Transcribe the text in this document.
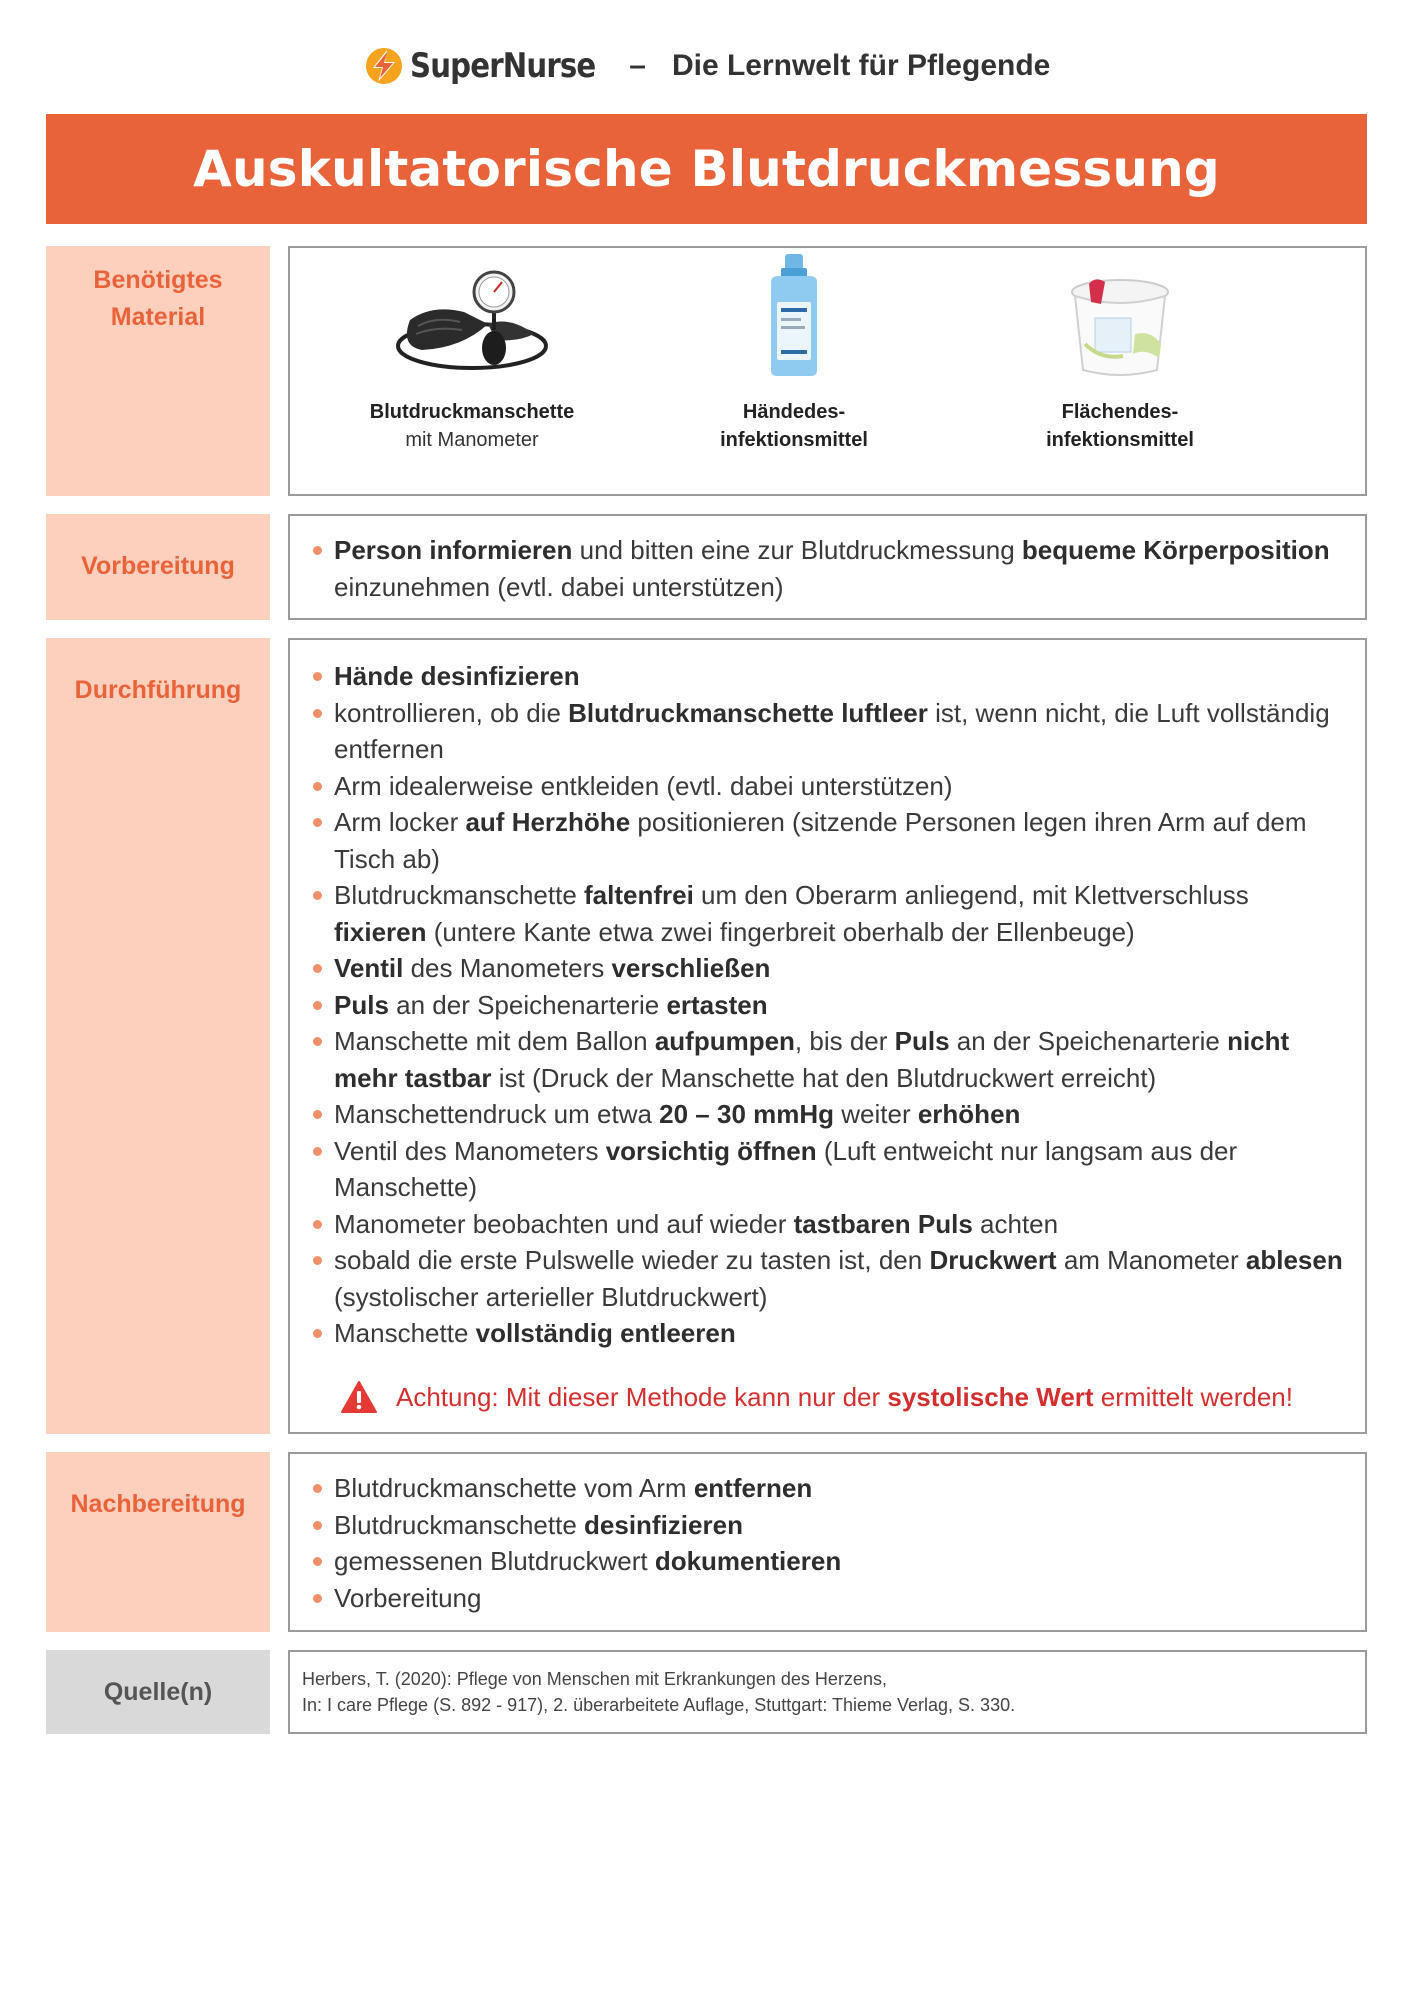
SuperNurse – Die Lernwelt für Pflegende
Auskultatorische Blutdruckmessung
Benötigtes Material
Blutdruckmanschette
mit Manometer
Händedes-
infektionsmittel
Flächendes-
infektionsmittel
Vorbereitung
Person informieren und bitten eine zur Blutdruckmessung bequeme Körperposition einzunehmen (evtl. dabei unterstützen)
Durchführung	Hände desinfizieren
kontrollieren, ob die Blutdruckmanschette luftleer ist, wenn nicht, die Luft vollständig entfernen
Arm idealerweise entkleiden (evtl. dabei unterstützen)
Arm locker auf Herzhöhe positionieren (sitzende Personen legen ihren Arm auf dem Tisch ab)
Blutdruckmanschette faltenfrei um den Oberarm anliegend, mit Klettverschluss fixieren (untere Kante etwa zwei fingerbreit oberhalb der Ellenbeuge)
Ventil des Manometers verschließen
Puls an der Speichenarterie ertasten
Manschette mit dem Ballon aufpumpen, bis der Puls an der Speichenarterie nicht mehr tastbar ist (Druck der Manschette hat den Blutdruckwert erreicht)
Manschettendruck um etwa 20 – 30 mmHg weiter erhöhen
Ventil des Manometers vorsichtig öffnen (Luft entweicht nur langsam aus der Manschette)
Manometer beobachten und auf wieder tastbaren Puls achten
sobald die erste Pulswelle wieder zu tasten ist, den Druckwert am Manometer ablesen (systolischer arterieller Blutdruckwert)
Manschette vollständig entleeren
Achtung: Mit dieser Methode kann nur der systolische Wert ermittelt werden!
Nachbereitung
Blutdruckmanschette vom Arm entfernen
Blutdruckmanschette desinfizieren
gemessenen Blutdruckwert dokumentieren
Vorbereitung
Quelle(n)	Herbers, T. (2020): Pflege von Menschen mit Erkrankungen des Herzens,
In: I care Pflege (S. 892 - 917), 2. überarbeitete Auflage, Stuttgart: Thieme Verlag, S. 330.
